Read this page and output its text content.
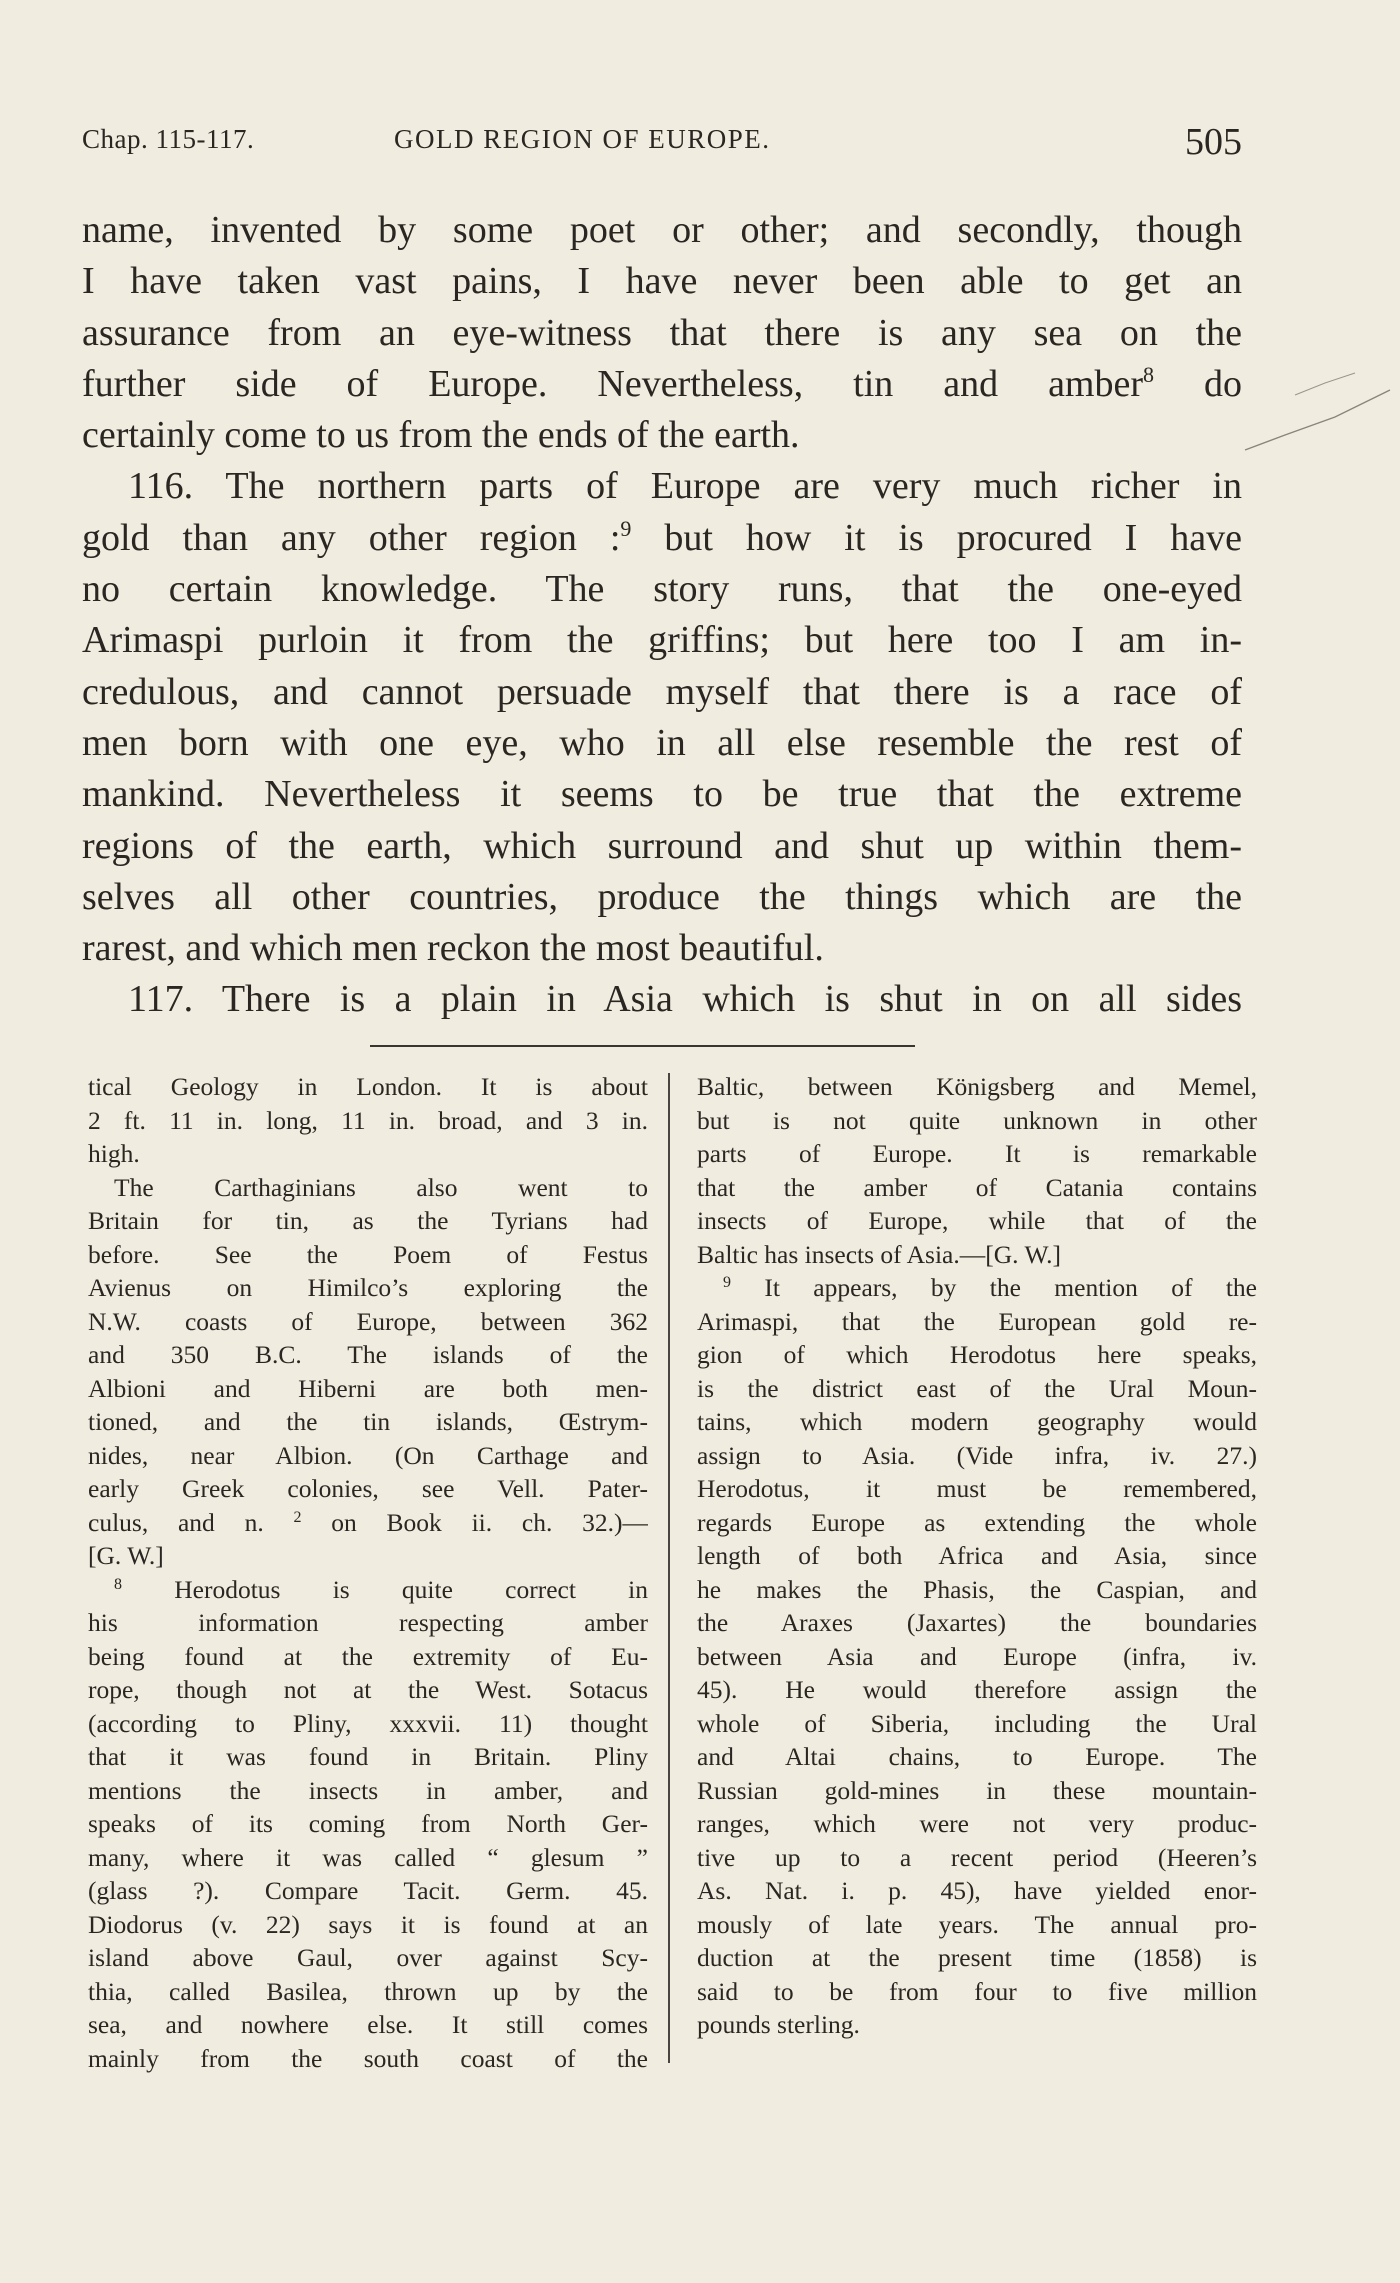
Chap. 115-117.	GOLD REGION OF EUROPE.	505
name, invented by some poet or other; and secondly, though
I have taken vast pains, I have never been able to get an
assurance from an eye-witness that there is any sea on the
further side of Europe. Nevertheless, tin and amber$^8$ do
certainly come to us from the ends of the earth.
116. The northern parts of Europe are very much richer in
gold than any other region :$^9$ but how it is procured I have
no certain knowledge. The story runs, that the one-eyed
Arimaspi purloin it from the griffins; but here too I am in-
credulous, and cannot persuade myself that there is a race of
men born with one eye, who in all else resemble the rest of
mankind. Nevertheless it seems to be true that the extreme
regions of the earth, which surround and shut up within them-
selves all other countries, produce the things which are the
rarest, and which men reckon the most beautiful.
117. There is a plain in Asia which is shut in on all sides
tical Geology in London. It is about
2 ft. 11 in. long, 11 in. broad, and 3 in.
high.
The Carthaginians also went to
Britain for tin, as the Tyrians had
before. See the Poem of Festus
Avienus on Himilco’s exploring the
N.W. coasts of Europe, between 362
and 350 B.C. The islands of the
Albioni and Hiberni are both men-
tioned, and the tin islands, Œstrym-
nides, near Albion. (On Carthage and
early Greek colonies, see Vell. Pater-
culus, and n. $^2$ on Book ii. ch. 32.)—
[G. W.]
$^8$ Herodotus is quite correct in
his information respecting amber
being found at the extremity of Eu-
rope, though not at the West. Sotacus
(according to Pliny, xxxvii. 11) thought
that it was found in Britain. Pliny
mentions the insects in amber, and
speaks of its coming from North Ger-
many, where it was called “ glesum ”
(glass ?). Compare Tacit. Germ. 45.
Diodorus (v. 22) says it is found at an
island above Gaul, over against Scy-
thia, called Basilea, thrown up by the
sea, and nowhere else. It still comes
mainly from the south coast of the
Baltic, between Königsberg and Memel,
but is not quite unknown in other
parts of Europe. It is remarkable
that the amber of Catania contains
insects of Europe, while that of the
Baltic has insects of Asia.—[G. W.]
$^9$ It appears, by the mention of the
Arimaspi, that the European gold re-
gion of which Herodotus here speaks,
is the district east of the Ural Moun-
tains, which modern geography would
assign to Asia. (Vide infra, iv. 27.)
Herodotus, it must be remembered,
regards Europe as extending the whole
length of both Africa and Asia, since
he makes the Phasis, the Caspian, and
the Araxes (Jaxartes) the boundaries
between Asia and Europe (infra, iv.
45). He would therefore assign the
whole of Siberia, including the Ural
and Altai chains, to Europe. The
Russian gold-mines in these mountain-
ranges, which were not very produc-
tive up to a recent period (Heeren’s
As. Nat. i. p. 45), have yielded enor-
mously of late years. The annual pro-
duction at the present time (1858) is
said to be from four to five million
pounds sterling.
